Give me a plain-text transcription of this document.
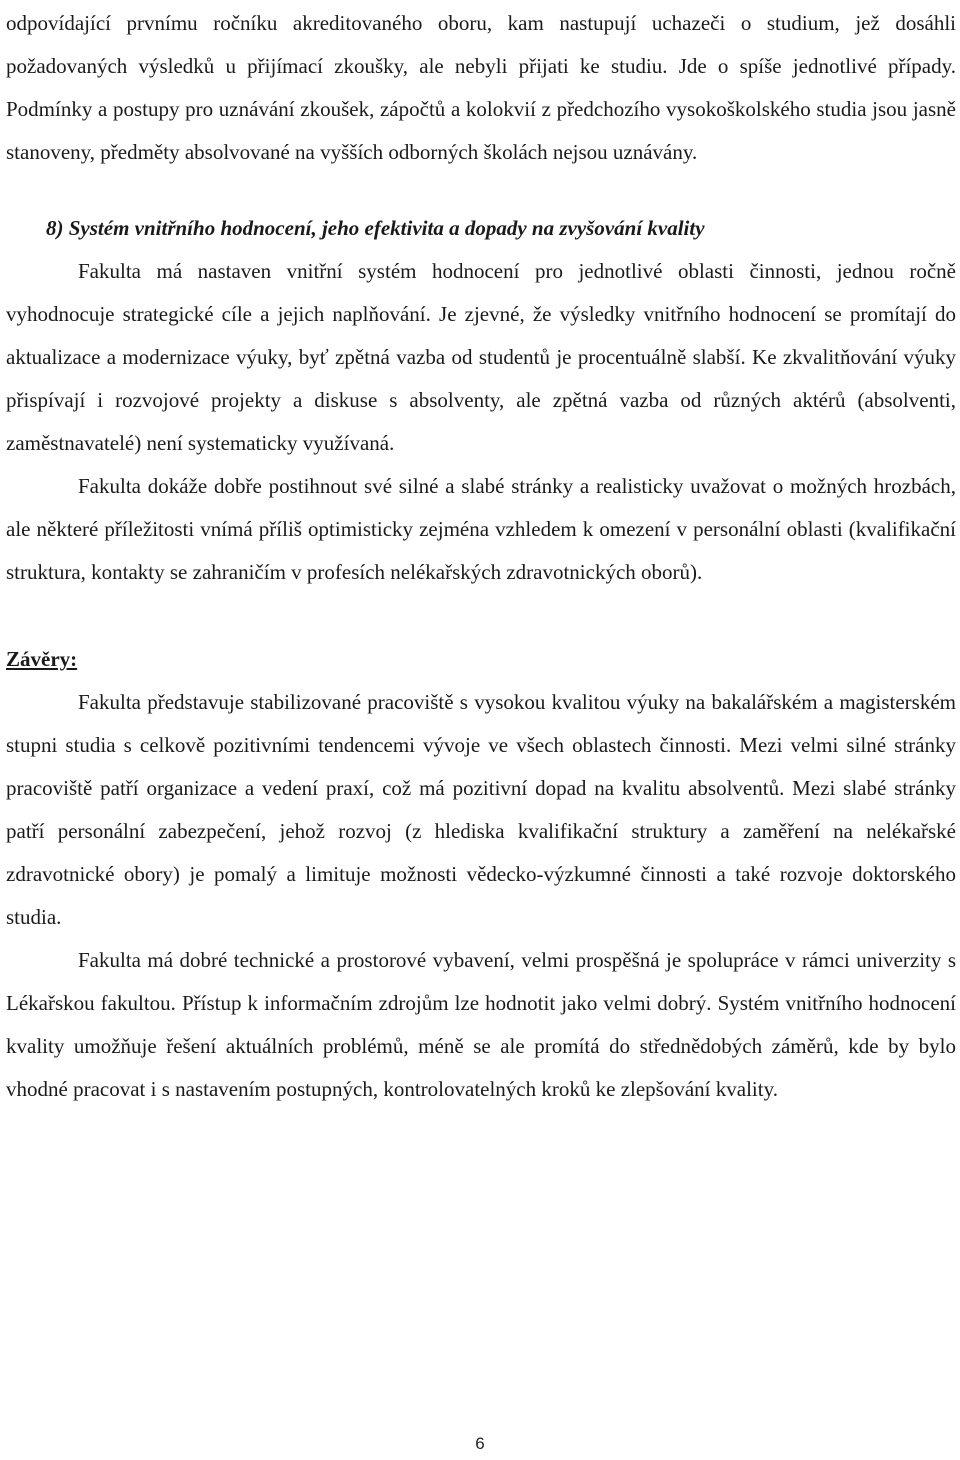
odpovídající prvnímu ročníku akreditovaného oboru, kam nastupují uchazeči o studium, jež dosáhli požadovaných výsledků u přijímací zkoušky, ale nebyli přijati ke studiu. Jde o spíše jednotlivé případy. Podmínky a postupy pro uznávání zkoušek, zápočtů a kolokvií z předchozího vysokoškolského studia jsou jasně stanoveny, předměty absolvované na vyšších odborných školách nejsou uznávány.

8) Systém vnitřního hodnocení, jeho efektivita a dopady na zvyšování kvality

Fakulta má nastaven vnitřní systém hodnocení pro jednotlivé oblasti činnosti, jednou ročně vyhodnocuje strategické cíle a jejich naplňování. Je zjevné, že výsledky vnitřního hodnocení se promítají do aktualizace a modernizace výuky, byť zpětná vazba od studentů je procentuálně slabší. Ke zkvalitňování výuky přispívají i rozvojové projekty a diskuse s absolventy, ale zpětná vazba od různých aktérů (absolventi, zaměstnavatelé) není systematicky využívaná.

Fakulta dokáže dobře postihnout své silné a slabé stránky a realisticky uvažovat o možných hrozbách, ale některé příležitosti vnímá příliš optimisticky zejména vzhledem k omezení v personální oblasti (kvalifikační struktura, kontakty se zahraničím v profesích nelékařských zdravotnických oborů).

Závěry:

Fakulta představuje stabilizované pracoviště s vysokou kvalitou výuky na bakalářském a magisterském stupni studia s celkově pozitivními tendencemi vývoje ve všech oblastech činnosti. Mezi velmi silné stránky pracoviště patří organizace a vedení praxí, což má pozitivní dopad na kvalitu absolventů. Mezi slabé stránky patří personální zabezpečení, jehož rozvoj (z hlediska kvalifikační struktury a zaměření na nelékařské zdravotnické obory) je pomalý a limituje možnosti vědecko-výzkumné činnosti a také rozvoje doktorského studia.

Fakulta má dobré technické a prostorové vybavení, velmi prospěšná je spolupráce v rámci univerzity s Lékařskou fakultou. Přístup k informačním zdrojům lze hodnotit jako velmi dobrý. Systém vnitřního hodnocení kvality umožňuje řešení aktuálních problémů, méně se ale promítá do střednědobých záměrů, kde by bylo vhodné pracovat i s nastavením postupných, kontrolovatelných kroků ke zlepšování kvality.

6
